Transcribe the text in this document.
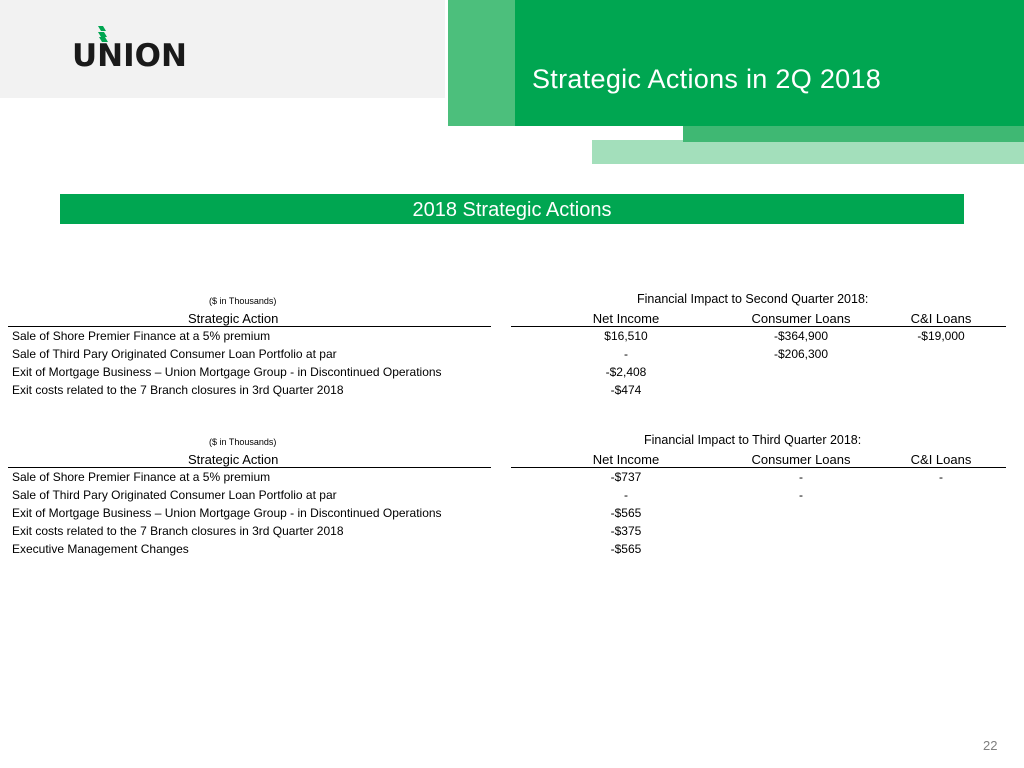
Strategic Actions in 2Q 2018
UNION
2018 Strategic Actions
($ in Thousands)	Financial Impact to Second Quarter 2018:
Strategic Action	Net Income	Consumer Loans	C&I Loans
Sale of Shore Premier Finance at a 5% premium	$16,510	-$364,900	-$19,000
Sale of Third Pary Originated Consumer Loan Portfolio at par	-	-$206,300
Exit of Mortgage Business – Union Mortgage Group - in Discontinued Operations	-$2,408
Exit costs related to the 7 Branch closures in 3rd Quarter 2018	-$474
($ in Thousands)	Financial Impact to Third Quarter 2018:
Strategic Action	Net Income	Consumer Loans	C&I Loans
Sale of Shore Premier Finance at a 5% premium	-$737	-	-
Sale of Third Pary Originated Consumer Loan Portfolio at par	-	-
Exit of Mortgage Business – Union Mortgage Group - in Discontinued Operations	-$565
Exit costs related to the 7 Branch closures in 3rd Quarter 2018	-$375
Executive Management Changes	-$565
22
